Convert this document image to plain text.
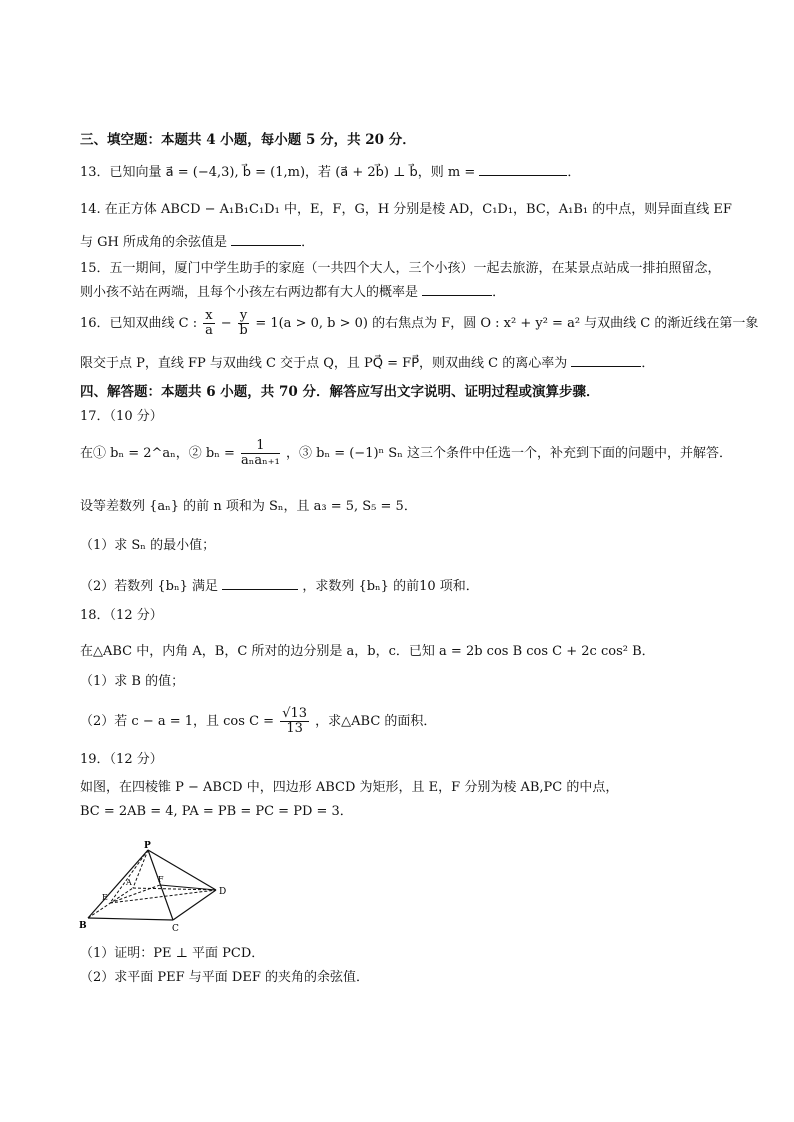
三、填空题：本题共 4 小题，每小题 5 分，共 20 分．
13．已知向量 a⃗ = (−4,3), b⃗ = (1,m)，若 (a⃗ + 2b⃗) ⊥ b⃗，则 m =	．
14. 在正方体 ABCD − A₁B₁C₁D₁ 中，E，F，G，H 分别是棱 AD，C₁D₁，BC，A₁B₁ 的中点，则异面直线 EF
与 GH 所成角的余弦值是	．
15．五一期间，厦门中学生助手的家庭（一共四个大人，三个小孩）一起去旅游，在某景点站成一排拍照留念，
则小孩不站在两端，且每个小孩左右两边都有大人的概率是	．
16．已知双曲线 C : $\frac{x}{a} - \frac{y}{b} = 1(a > 0$, b > 0) 的右焦点为 F，圆 O : x² + y² = a² 与双曲线 C 的渐近线在第一象
限交于点 P，直线 FP 与双曲线 C 交于点 Q，且 PQ⃗ = FP⃗，则双曲线 C 的离心率为	．
四、解答题：本题共 6 小题，共 70 分．解答应写出文字说明、证明过程或演算步骤．
17．（10 分）
在① bₙ = 2^aₙ，② $b_n = \frac{1}{\text{aₙaₙ₊₁}}$ ，③ bₙ = (−1)ⁿ Sₙ 这三个条件中任选一个，补充到下面的问题中，并解答．
设等差数列 {aₙ} 的前 n 项和为 Sₙ，且 a₃ = 5, S₅ = 5．
（1）求 Sₙ 的最小值；
（2）若数列 {bₙ} 满足	，求数列 {bₙ} 的前10 项和．
18．（12 分）
在△ABC 中，内角 A，B，C 所对的边分别是 a，b，c．已知 a = 2b cos B cos C + 2c cos² B．
（1）求 B 的值；
（2）若 c − a = 1，且 $\cos C = \frac{√13}{13}$ ，求△ABC 的面积．
19．（12 分）
如图，在四棱锥 P − ABCD 中，四边形 ABCD 为矩形，且 E，F 分别为棱 AB,PC 的中点，
BC = 2AB = 4, PA = PB = PC = PD = 3．
P
A
B	C
D
E
F
（1）证明：PE ⊥ 平面 PCD．
（2）求平面 PEF 与平面 DEF 的夹角的余弦值．
